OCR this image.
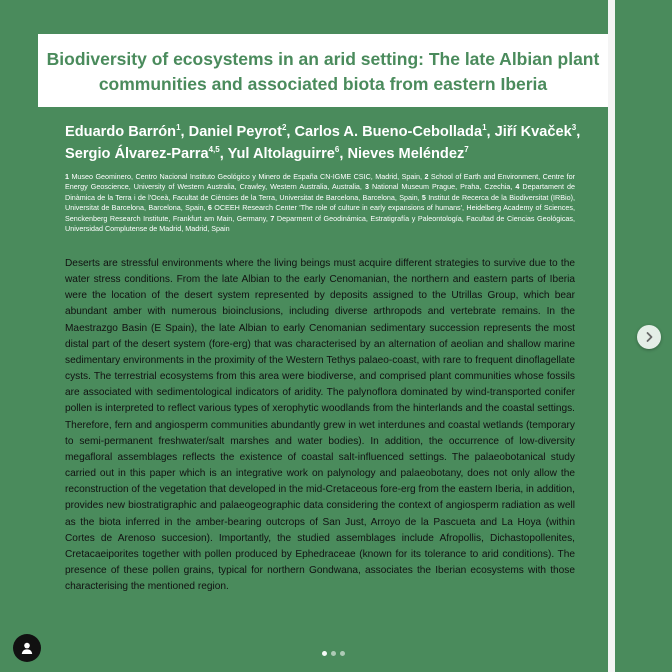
Biodiversity of ecosystems in an arid setting: The late Albian plant communities and associated biota from eastern Iberia

Eduardo Barrón$^1$, Daniel Peyrot$^2$, Carlos A. Bueno-Cebollada$^1$, Jiří Kvaček$^3$, Sergio Álvarez-Parra$^{4,5}$, Yul Altolaguirre$^6$, Nieves Meléndez$^7$

1 Museo Geominero, Centro Nacional Instituto Geológico y Minero de España CN-IGME CSIC, Madrid, Spain, 2 School of Earth and Environment, Centre for Energy Geoscience, University of Western Australia, Crawley, Western Australia, Australia, 3 National Museum Prague, Praha, Czechia, 4 Departament de Dinàmica de la Terra i de l'Oceà, Facultat de Ciències de la Terra, Universitat de Barcelona, Barcelona, Spain, 5 Institut de Recerca de la Biodiversitat (IRBio), Universitat de Barcelona, Barcelona, Spain, 6 OCEEH Research Center 'The role of culture in early expansions of humans', Heidelberg Academy of Sciences, Senckenberg Research Institute, Frankfurt am Main, Germany, 7 Deparment of Geodinámica, Estratigrafía y Paleontología, Facultad de Ciencias Geológicas, Universidad Complutense de Madrid, Madrid, Spain

Deserts are stressful environments where the living beings must acquire different strategies to survive due to the water stress conditions. From the late Albian to the early Cenomanian, the northern and eastern parts of Iberia were the location of the desert system represented by deposits assigned to the Utrillas Group, which bear abundant amber with numerous bioinclusions, including diverse arthropods and vertebrate remains. In the Maestrazgo Basin (E Spain), the late Albian to early Cenomanian sedimentary succession represents the most distal part of the desert system (fore-erg) that was characterised by an alternation of aeolian and shallow marine sedimentary environments in the proximity of the Western Tethys palaeo-coast, with rare to frequent dinoflagellate cysts. The terrestrial ecosystems from this area were biodiverse, and comprised plant communities whose fossils are associated with sedimentological indicators of aridity. The palynoflora dominated by wind-transported conifer pollen is interpreted to reflect various types of xerophytic woodlands from the hinterlands and the coastal settings. Therefore, fern and angiosperm communities abundantly grew in wet interdunes and coastal wetlands (temporary to semi-permanent freshwater/salt marshes and water bodies). In addition, the occurrence of low-diversity megafloral assemblages reflects the existence of coastal salt-influenced settings. The palaeobotanical study carried out in this paper which is an integrative work on palynology and palaeobotany, does not only allow the reconstruction of the vegetation that developed in the mid-Cretaceous fore-erg from the eastern Iberia, in addition, provides new biostratigraphic and palaeogeographic data considering the context of angiosperm radiation as well as the biota inferred in the amber-bearing outcrops of San Just, Arroyo de la Pascueta and La Hoya (within Cortes de Arenoso succesion). Importantly, the studied assemblages include Afropollis, Dichastopollenites, Cretacaeiporites together with pollen produced by Ephedraceae (known for its tolerance to arid conditions). The presence of these pollen grains, typical for northern Gondwana, associates the Iberian ecosystems with those characterising the mentioned region.
